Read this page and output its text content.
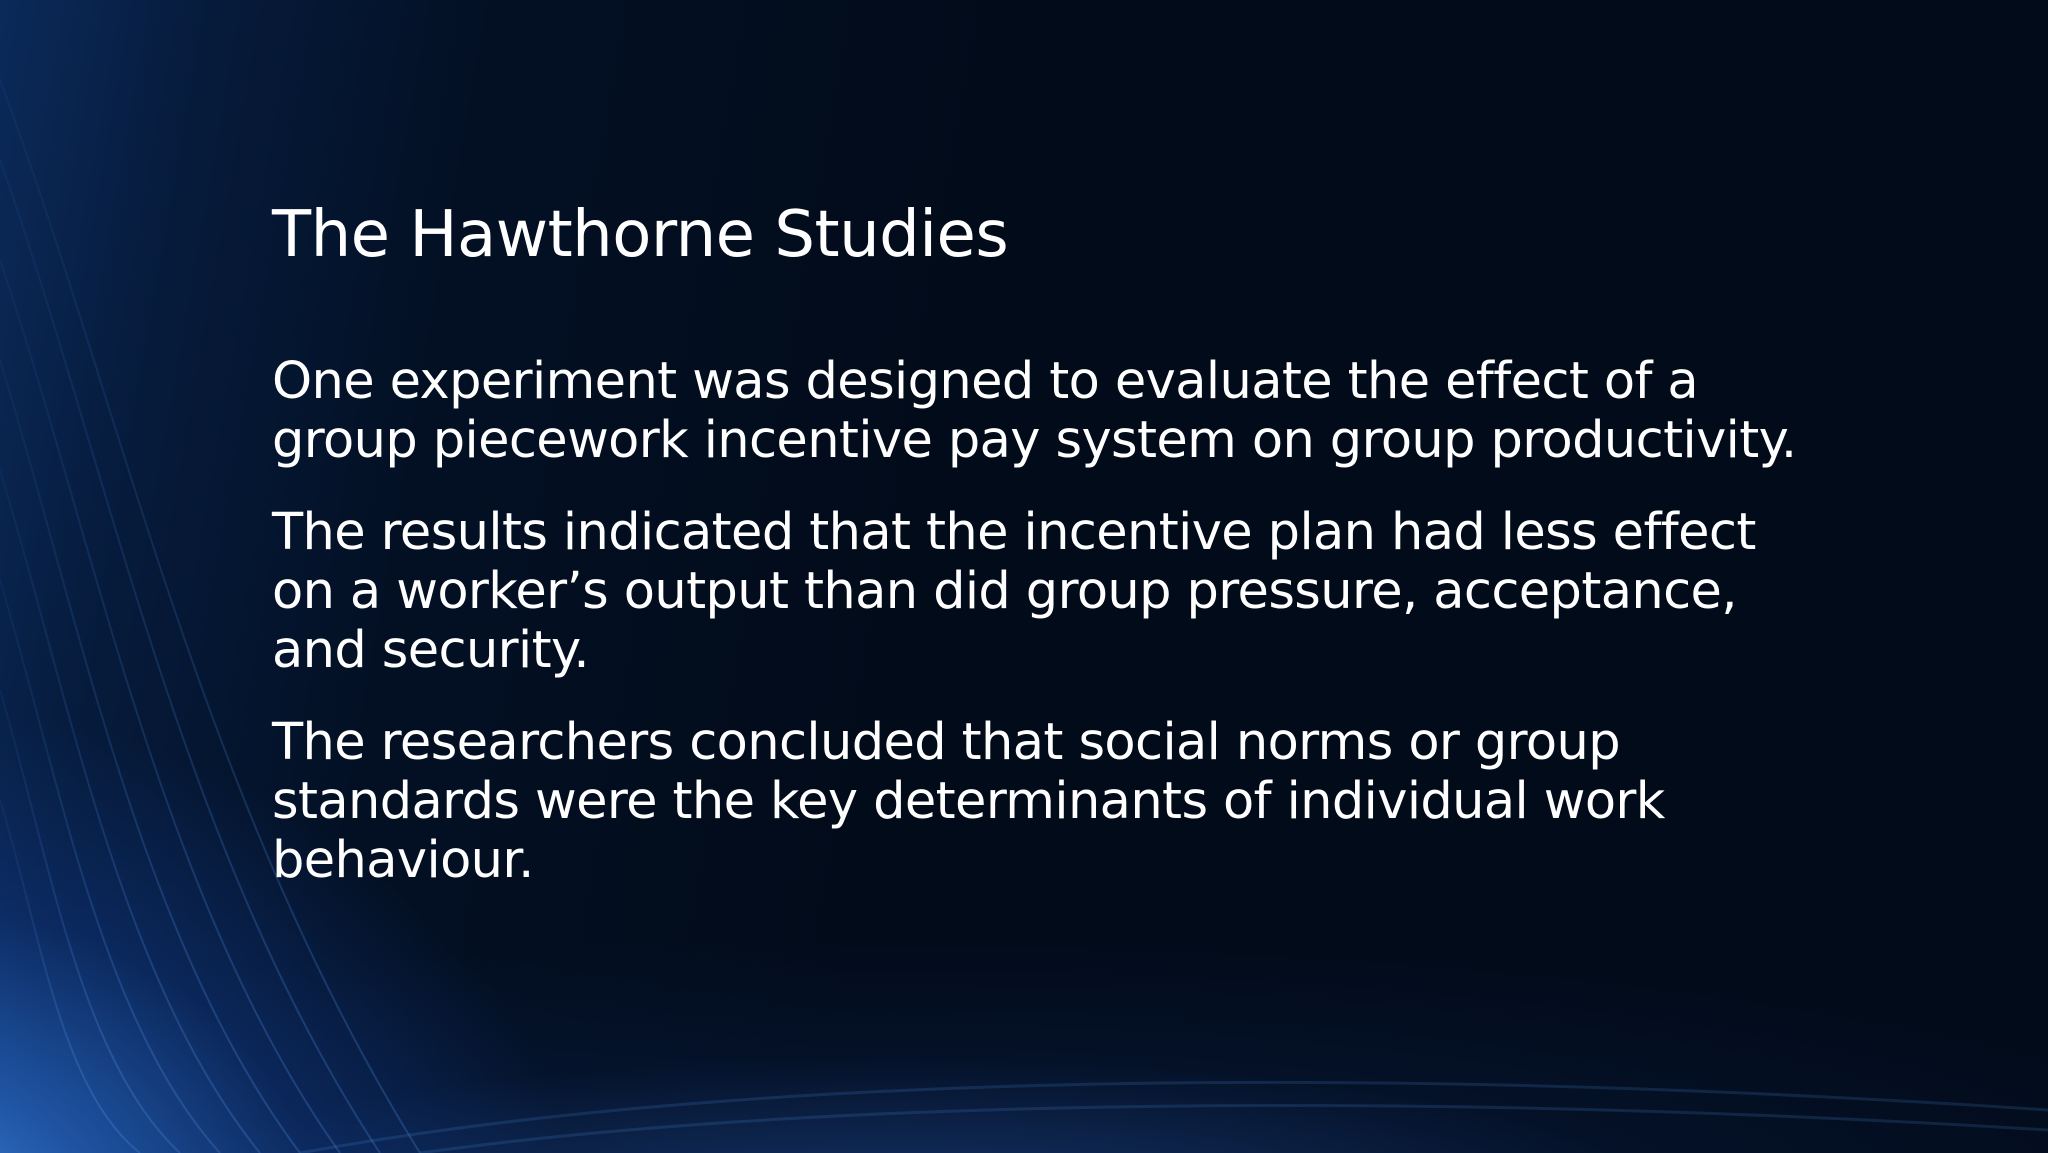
The Hawthorne Studies
One experiment was designed to evaluate the effect of a group piecework incentive pay system on group productivity.
The results indicated that the incentive plan had less effect on a worker’s output than did group pressure, acceptance, and security.
The researchers concluded that social norms or group standards were the key determinants of individual work behaviour.
